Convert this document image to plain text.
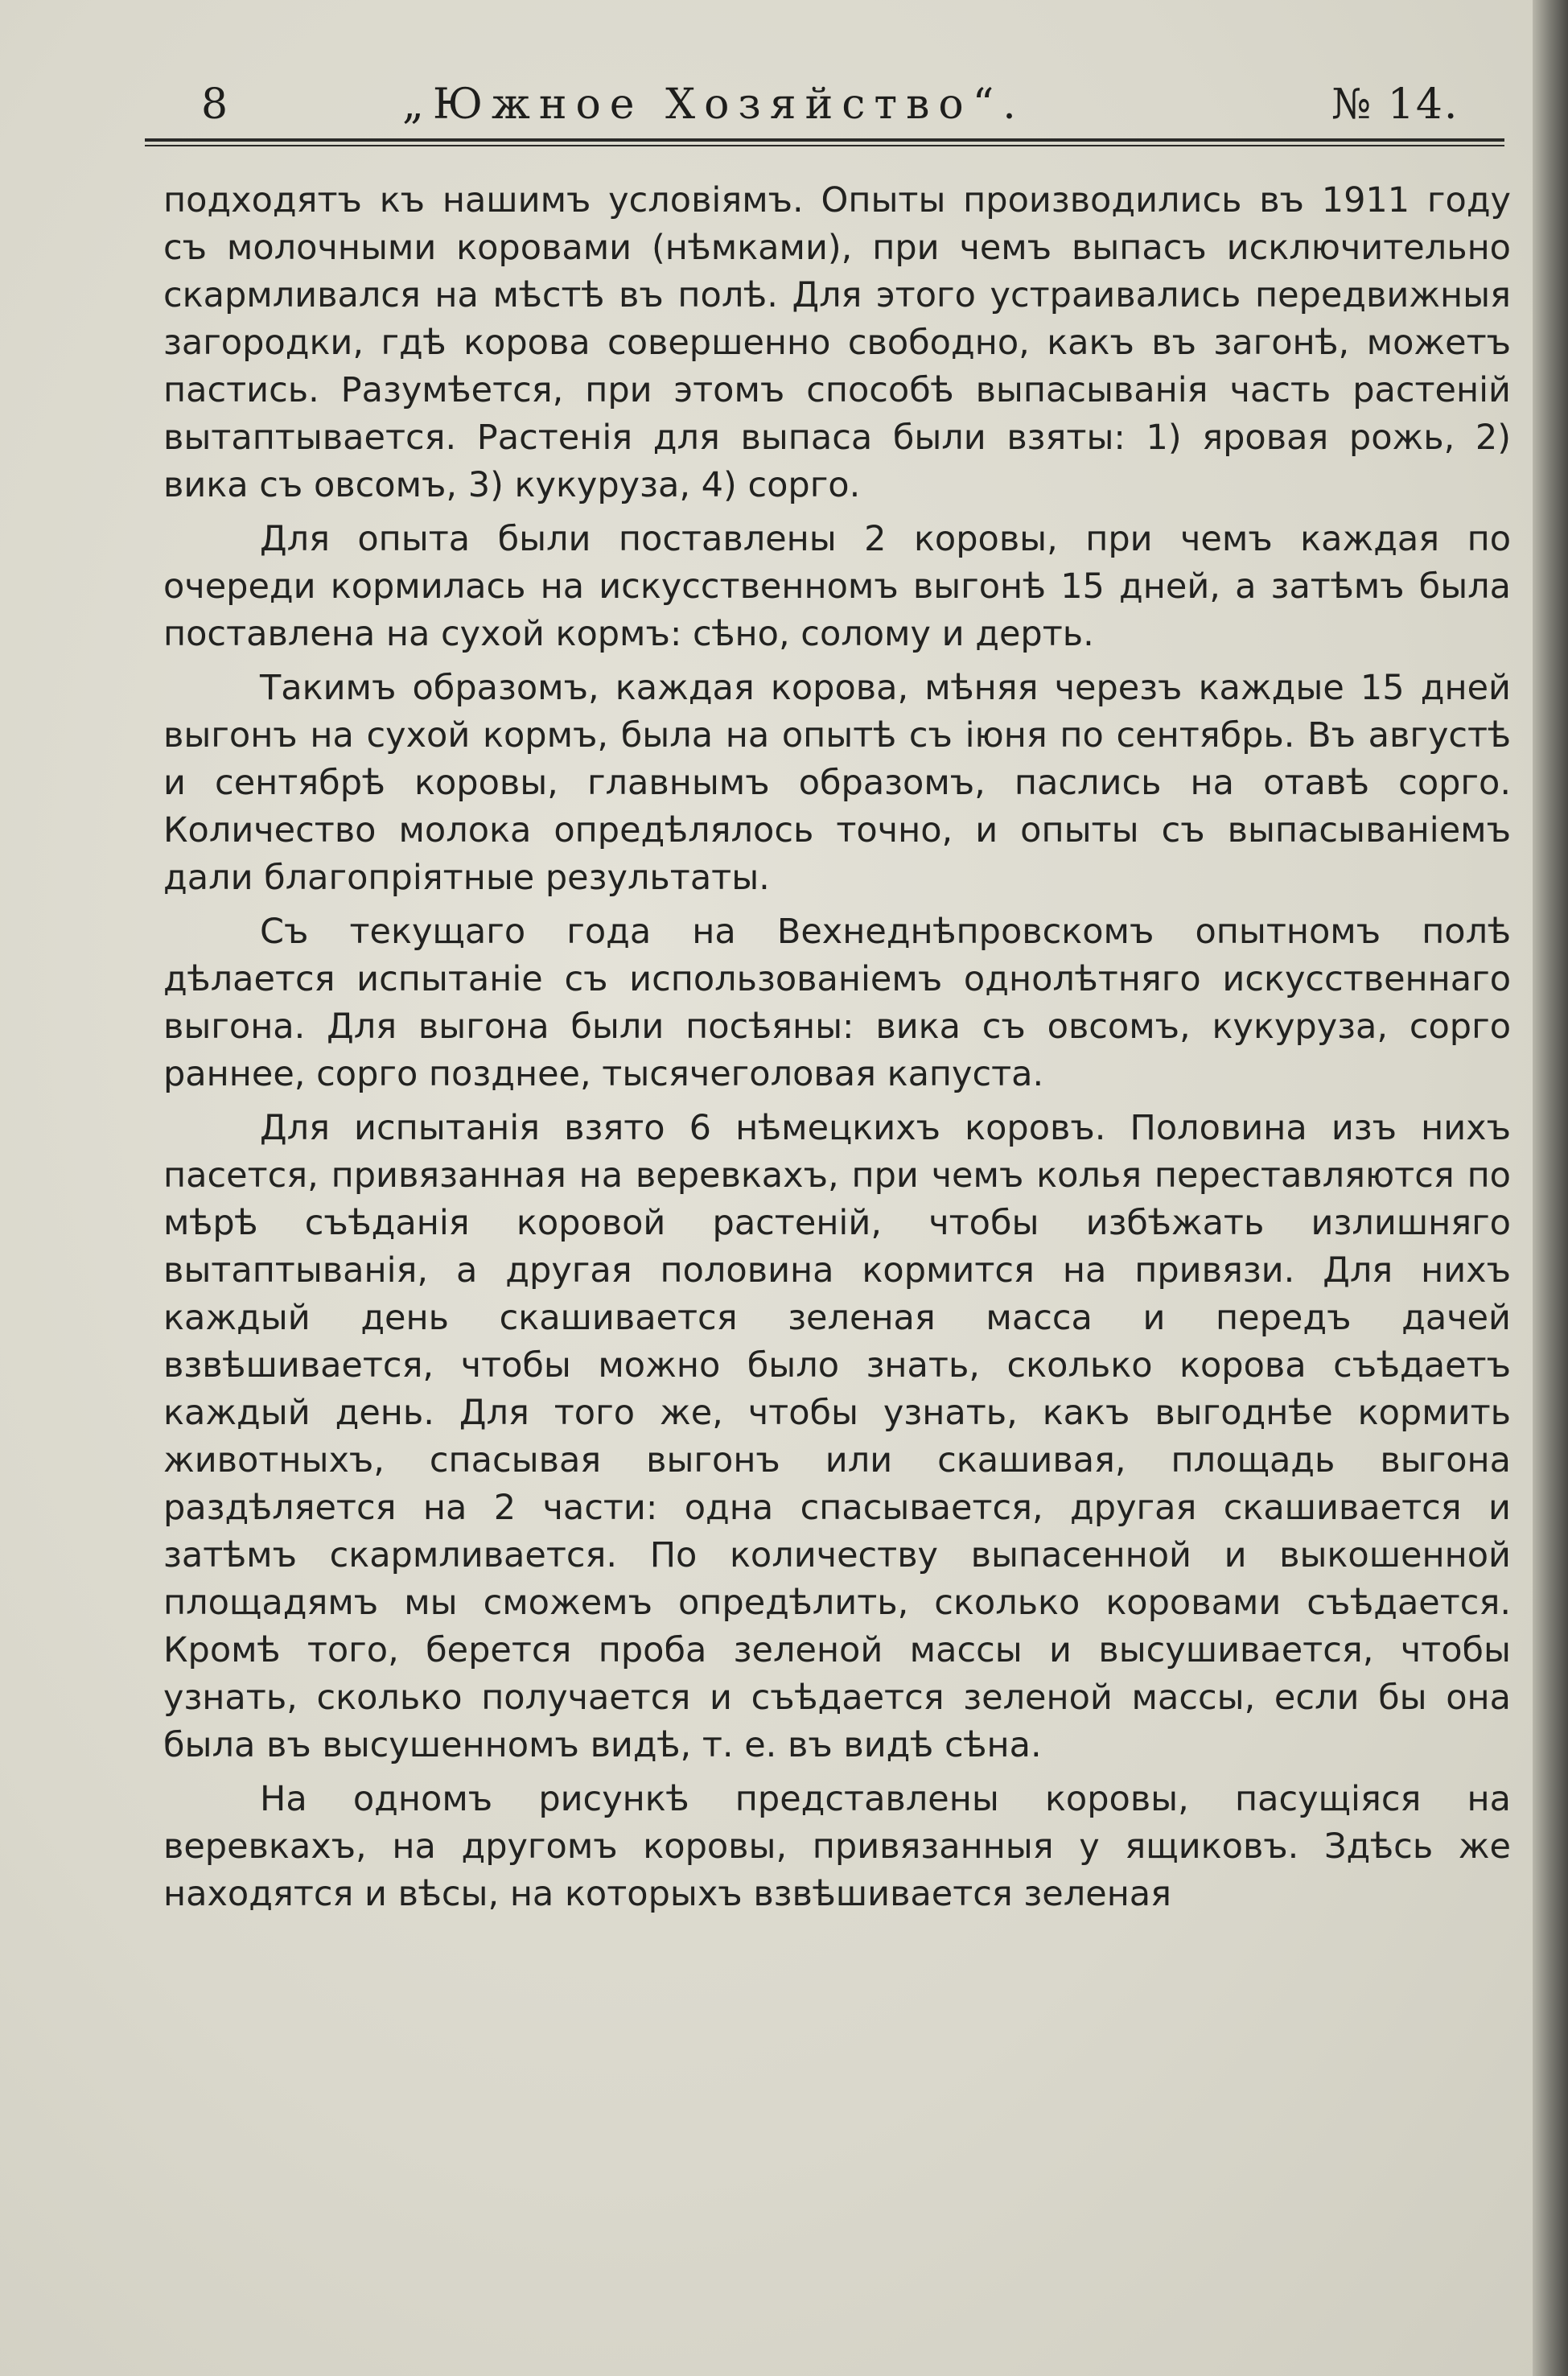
8	„Южное Хозяйство“.	№ 14.

подходятъ къ нашимъ условіямъ. Опыты производились въ 1911 году съ молочными коровами (нѣмками), при чемъ выпасъ исключительно скармливался на мѣстѣ въ полѣ. Для этого устраивались передвижныя загородки, гдѣ корова совершенно свободно, какъ въ загонѣ, можетъ пастись. Разумѣется, при этомъ способѣ выпасыванія часть растеній вытаптывается. Растенія для выпаса были взяты: 1) яровая рожь, 2) вика съ овсомъ, 3) кукуруза, 4) сорго.

Для опыта были поставлены 2 коровы, при чемъ каждая по очереди кормилась на искусственномъ выгонѣ 15 дней, а затѣмъ была поставлена на сухой кормъ: сѣно, солому и дерть.

Такимъ образомъ, каждая корова, мѣняя черезъ каждые 15 дней выгонъ на сухой кормъ, была на опытѣ съ іюня по сентябрь. Въ августѣ и сентябрѣ коровы, главнымъ образомъ, паслись на отавѣ сорго. Количество молока опредѣлялось точно, и опыты съ выпасываніемъ дали благопріятные результаты.

Съ текущаго года на Вехнеднѣпровскомъ опытномъ полѣ дѣлается испытаніе съ использованіемъ однолѣтняго искусственнаго выгона. Для выгона были посѣяны: вика съ овсомъ, кукуруза, сорго раннее, сорго позднее, тысячеголовая капуста.

Для испытанія взято 6 нѣмецкихъ коровъ. Половина изъ нихъ пасется, привязанная на веревкахъ, при чемъ колья переставляются по мѣрѣ съѣданія коровой растеній, чтобы избѣжать излишняго вытаптыванія, а другая половина кормится на привязи. Для нихъ каждый день скашивается зеленая масса и передъ дачей взвѣшивается, чтобы можно было знать, сколько корова съѣдаетъ каждый день. Для того же, чтобы узнать, какъ выгоднѣе кормить животныхъ, спасывая выгонъ или скашивая, площадь выгона раздѣляется на 2 части: одна спасывается, другая скашивается и затѣмъ скармливается. По количеству выпасенной и выкошенной площадямъ мы сможемъ опредѣлить, сколько коровами съѣдается. Кромѣ того, берется проба зеленой массы и высушивается, чтобы узнать, сколько получается и съѣдается зеленой массы, если бы она была въ высушенномъ видѣ, т. е. въ видѣ сѣна.

На одномъ рисункѣ представлены коровы, пасущіяся на веревкахъ, на другомъ коровы, привязанныя у ящиковъ. Здѣсь же находятся и вѣсы, на которыхъ взвѣшивается зеленая
